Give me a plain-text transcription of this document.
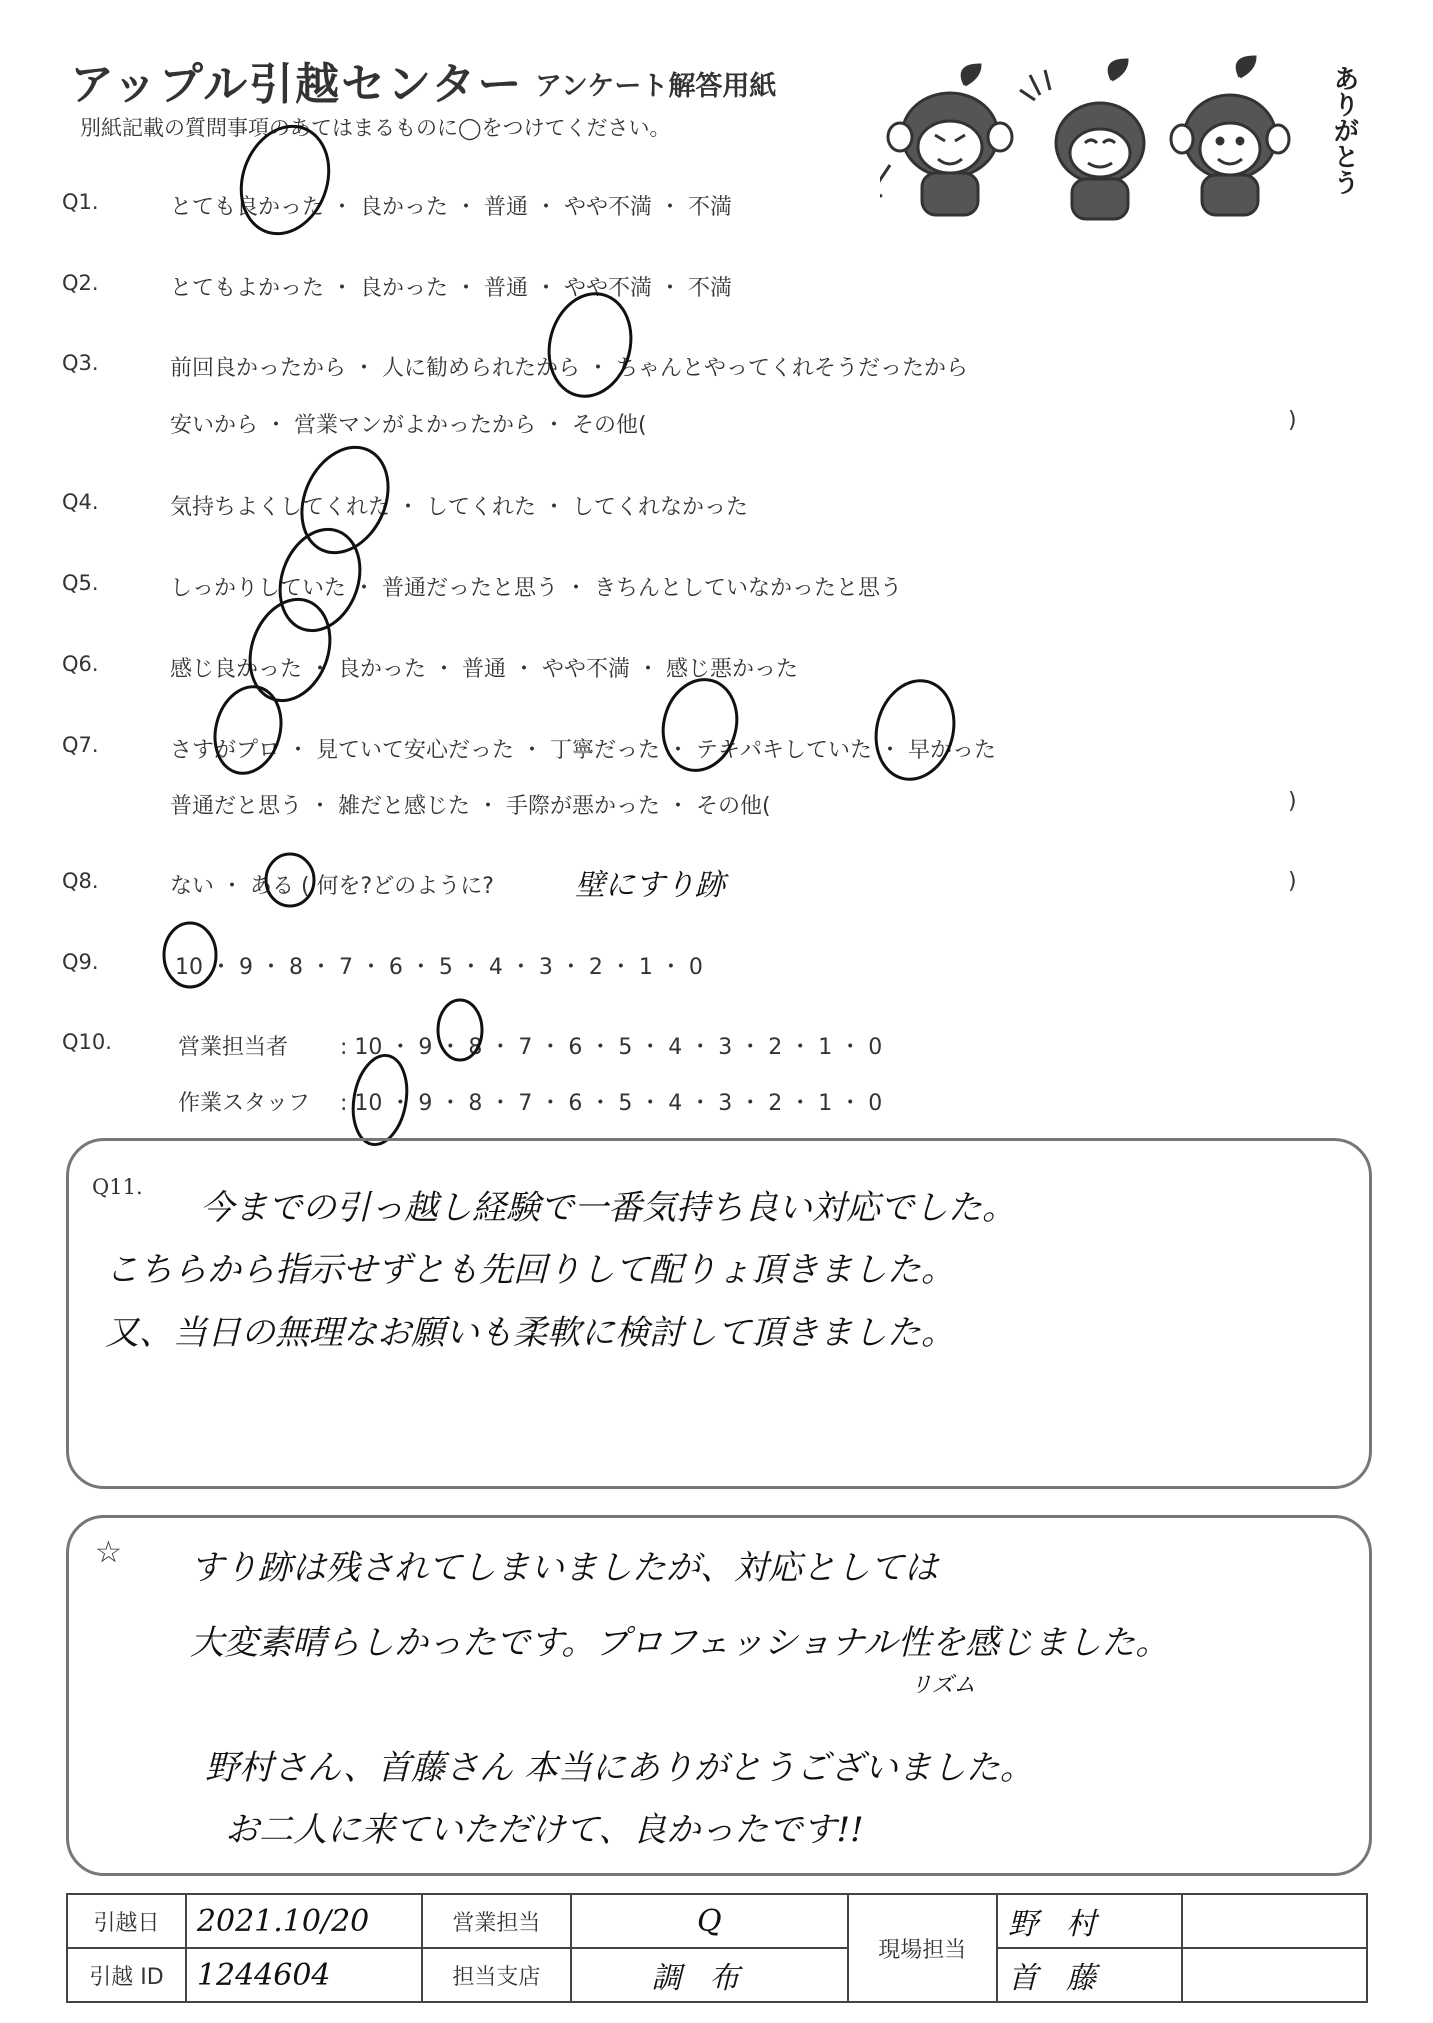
アップル引越センター アンケート解答用紙
別紙記載の質問事項のあてはまるものに◯をつけてください。	ありがとう
Q1.	とても良かった ・ 良かった ・ 普通 ・ やや不満 ・ 不満
Q2.	とてもよかった ・ 良かった ・ 普通 ・ やや不満 ・ 不満
Q3.	前回良かったから ・ 人に勧められたから ・ ちゃんとやってくれそうだったから
安いから ・ 営業マンがよかったから ・ その他(	)
Q4.	気持ちよくしてくれた ・ してくれた ・ してくれなかった
Q5.	しっかりしていた ・ 普通だったと思う ・ きちんとしていなかったと思う
Q6.	感じ良かった ・ 良かった ・ 普通 ・ やや不満 ・ 感じ悪かった
Q7.	さすがプロ ・ 見ていて安心だった ・ 丁寧だった ・ テキパキしていた ・ 早かった
普通だと思う ・ 雑だと感じた ・ 手際が悪かった ・ その他(	)
Q8.	ない ・ ある ( 何を?どのように?	壁にすり跡	)
Q9.	10 ・ 9 ・ 8 ・ 7 ・ 6 ・ 5 ・ 4 ・ 3 ・ 2 ・ 1 ・ 0
Q10.	営業担当者 : 10 ・ 9 ・ 8 ・ 7 ・ 6 ・ 5 ・ 4 ・ 3 ・ 2 ・ 1 ・ 0
作業スタッフ : 10 ・ 9 ・ 8 ・ 7 ・ 6 ・ 5 ・ 4 ・ 3 ・ 2 ・ 1 ・ 0
Q11.
今までの引っ越し経験で一番気持ち良い対応でした。
こちらから指示せずとも先回りして配りょ頂きました。
又、当日の無理なお願いも柔軟に検討して頂きました。
☆ すり跡は残されてしまいましたが、対応としては
大変素晴らしかったです。プロフェッショナル性を感じました。
リズム
野村さん、首藤さん 本当にありがとうございました。
お二人に来ていただけて、良かったです!!
引越日	2021.10/20	営業担当	Q	現場担当	野村	
引越 ID	1244604	担当支店	調布		首藤	
